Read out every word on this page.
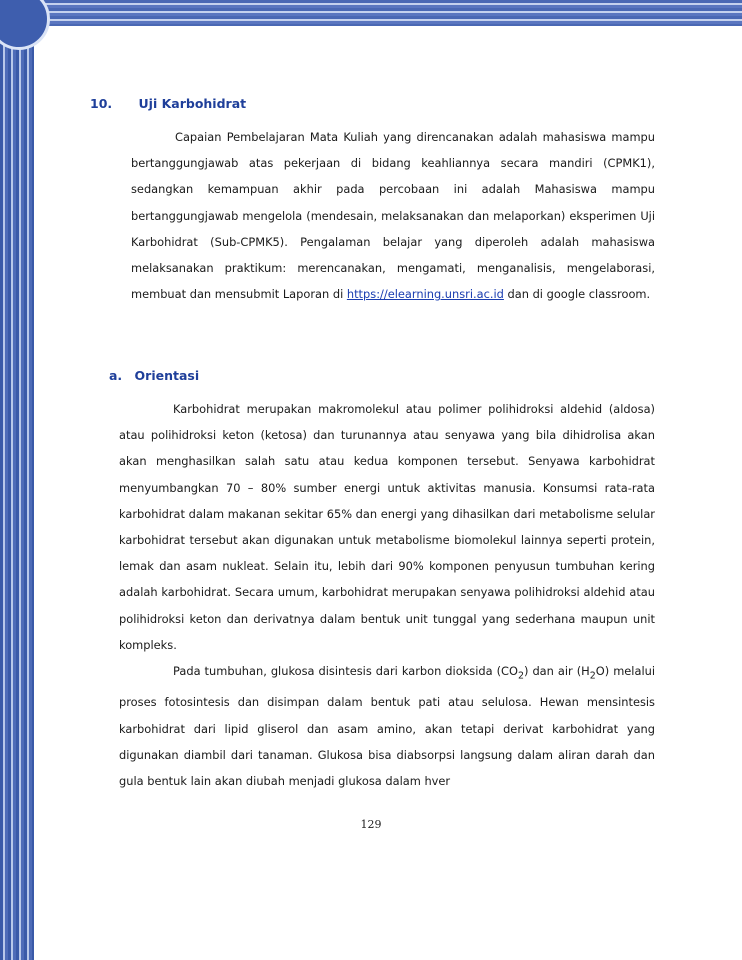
10. Uji Karbohidrat

Capaian Pembelajaran Mata Kuliah yang direncanakan adalah mahasiswa mampu bertanggungjawab atas pekerjaan di bidang keahliannya secara mandiri (CPMK1), sedangkan kemampuan akhir pada percobaan ini adalah Mahasiswa mampu bertanggungjawab mengelola (mendesain, melaksanakan dan melaporkan) eksperimen Uji Karbohidrat (Sub-CPMK5). Pengalaman belajar yang diperoleh adalah mahasiswa melaksanakan praktikum: merencanakan, mengamati, menganalisis, mengelaborasi, membuat dan mensubmit Laporan di https://elearning.unsri.ac.id dan di google classroom.

a. Orientasi

Karbohidrat merupakan makromolekul atau polimer polihidroksi aldehid (aldosa) atau polihidroksi keton (ketosa) dan turunannya atau senyawa yang bila dihidrolisa akan akan menghasilkan salah satu atau kedua komponen tersebut. Senyawa karbohidrat menyumbangkan 70 – 80% sumber energi untuk aktivitas manusia. Konsumsi rata-rata karbohidrat dalam makanan sekitar 65% dan energi yang dihasilkan dari metabolisme selular karbohidrat tersebut akan digunakan untuk metabolisme biomolekul lainnya seperti protein, lemak dan asam nukleat. Selain itu, lebih dari 90% komponen penyusun tumbuhan kering adalah karbohidrat. Secara umum, karbohidrat merupakan senyawa polihidroksi aldehid atau polihidroksi keton dan derivatnya dalam bentuk unit tunggal yang sederhana maupun unit kompleks.

Pada tumbuhan, glukosa disintesis dari karbon dioksida $(CO_2)$ dan air $(H_2O)$ melalui proses fotosintesis dan disimpan dalam bentuk pati atau selulosa. Hewan mensintesis karbohidrat dari lipid gliserol dan asam amino, akan tetapi derivat karbohidrat yang digunakan diambil dari tanaman. Glukosa bisa diabsorpsi langsung dalam aliran darah dan gula bentuk lain akan diubah menjadi glukosa dalam hver

129
